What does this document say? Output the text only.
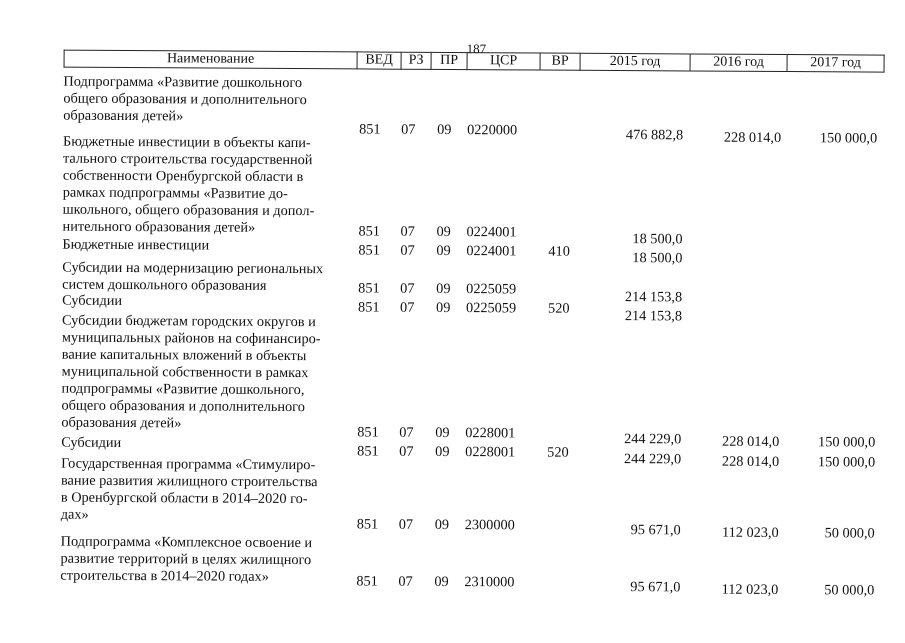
187
Наименование	ВЕД	РЗ	ПР	ЦСР	ВР	2015 год	2016 год	2017 год
Подпрограмма «Развитие дошкольного
общего образования и дополнительного
образования детей»
851 07 09 0220000	476 882,8	228 014,0	150 000,0
Бюджетные инвестиции в объекты капи-
тального строительства государственной
собственности Оренбургской области в
рамках подпрограммы «Развитие до-
школьного, общего образования и допол-
нительного образования детей»	851 07 09 0224001	18 500,0
Бюджетные инвестиции	851 07 09 0224001 410	18 500,0
Субсидии на модернизацию региональных
систем дошкольного образования	851 07 09 0225059	214 153,8
Субсидии	851 07 09 0225059 520	214 153,8
Субсидии бюджетам городских округов и
муниципальных районов на софинансиро-
вание капитальных вложений в объекты
муниципальной собственности в рамках
подпрограммы «Развитие дошкольного,
общего образования и дополнительного
образования детей»
851 07 09 0228001	244 229,0	228 014,0	150 000,0
Субсидии
851 07 09 0228001 520	244 229,0	228 014,0	150 000,0
Государственная программа «Стимулиро-
вание развития жилищного строительства
в Оренбургской области в 2014–2020 го-
дах»
851 07 09 2300000	95 671,0	112 023,0	50 000,0
Подпрограмма «Комплексное освоение и
развитие территорий в целях жилищного
строительства в 2014–2020 годах»	851 07 09 2310000	95 671,0	112 023,0	50 000,0
